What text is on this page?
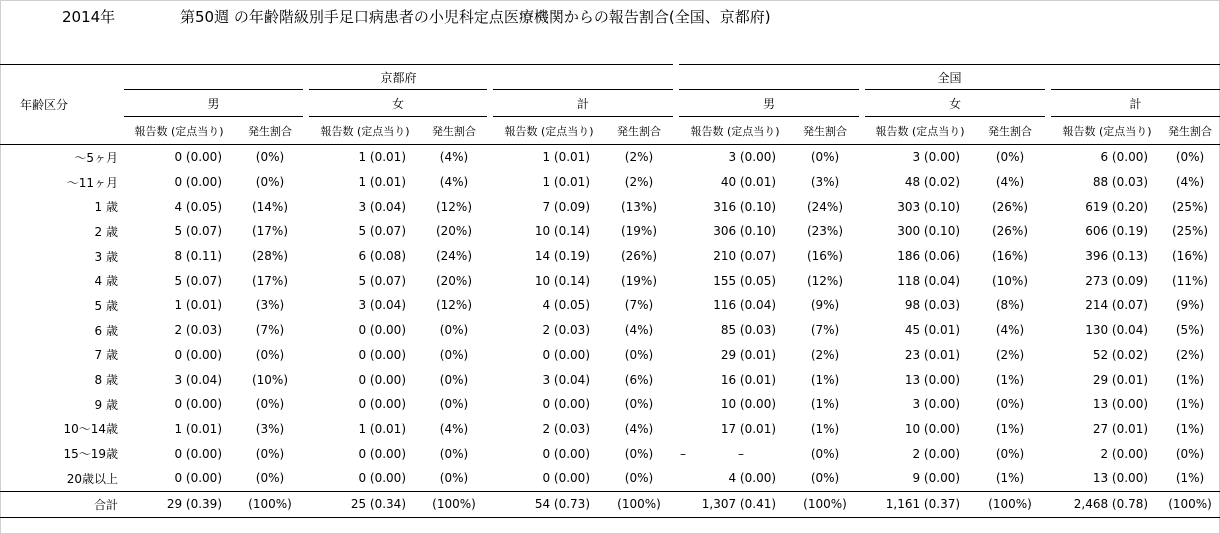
2014年	第50週 の年齢階級別手足口病患者の小児科定点医療機関からの報告割合(全国、京都府)
年齢区分	京都府						全国					
	男		女		計		男		女		計	
	報告数 (定点当り)	発生割合	報告数 (定点当り)	発生割合	報告数 (定点当り)	発生割合	報告数 (定点当り)	発生割合	報告数 (定点当り)	発生割合	報告数 (定点当り)	発生割合
～5ヶ月	0 (0.00)	(0%)	1 (0.01)	(4%)	1 (0.01)	(2%)	3 (0.00)	(0%)	3 (0.00)	(0%)	6 (0.00)	(0%)
～11ヶ月	0 (0.00)	(0%)	1 (0.01)	(4%)	1 (0.01)	(2%)	40 (0.01)	(3%)	48 (0.02)	(4%)	88 (0.03)	(4%)
1 歳	4 (0.05)	(14%)	3 (0.04)	(12%)	7 (0.09)	(13%)	316 (0.10)	(24%)	303 (0.10)	(26%)	619 (0.20)	(25%)
2 歳	5 (0.07)	(17%)	5 (0.07)	(20%)	10 (0.14)	(19%)	306 (0.10)	(23%)	300 (0.10)	(26%)	606 (0.19)	(25%)
3 歳	8 (0.11)	(28%)	6 (0.08)	(24%)	14 (0.19)	(26%)	210 (0.07)	(16%)	186 (0.06)	(16%)	396 (0.13)	(16%)
4 歳	5 (0.07)	(17%)	5 (0.07)	(20%)	10 (0.14)	(19%)	155 (0.05)	(12%)	118 (0.04)	(10%)	273 (0.09)	(11%)
5 歳	1 (0.01)	(3%)	3 (0.04)	(12%)	4 (0.05)	(7%)	116 (0.04)	(9%)	98 (0.03)	(8%)	214 (0.07)	(9%)
6 歳	2 (0.03)	(7%)	0 (0.00)	(0%)	2 (0.03)	(4%)	85 (0.03)	(7%)	45 (0.01)	(4%)	130 (0.04)	(5%)
7 歳	0 (0.00)	(0%)	0 (0.00)	(0%)	0 (0.00)	(0%)	29 (0.01)	(2%)	23 (0.01)	(2%)	52 (0.02)	(2%)
8 歳	3 (0.04)	(10%)	0 (0.00)	(0%)	3 (0.04)	(6%)	16 (0.01)	(1%)	13 (0.00)	(1%)	29 (0.01)	(1%)
9 歳	0 (0.00)	(0%)	0 (0.00)	(0%)	0 (0.00)	(0%)	10 (0.00)	(1%)	3 (0.00)	(0%)	13 (0.00)	(1%)
10～14歳	1 (0.01)	(3%)	1 (0.01)	(4%)	2 (0.03)	(4%)	17 (0.01)	(1%)	10 (0.00)	(1%)	27 (0.01)	(1%)
15～19歳	0 (0.00)	(0%)	0 (0.00)	(0%)	0 (0.00)	(0%)	– –	(0%)	2 (0.00)	(0%)	2 (0.00)	(0%)
20歳以上	0 (0.00)	(0%)	0 (0.00)	(0%)	0 (0.00)	(0%)	4 (0.00)	(0%)	9 (0.00)	(1%)	13 (0.00)	(1%)
合計	29 (0.39)	(100%)	25 (0.34)	(100%)	54 (0.73)	(100%)	1,307 (0.41)	(100%)	1,161 (0.37)	(100%)	2,468 (0.78)	(100%)
